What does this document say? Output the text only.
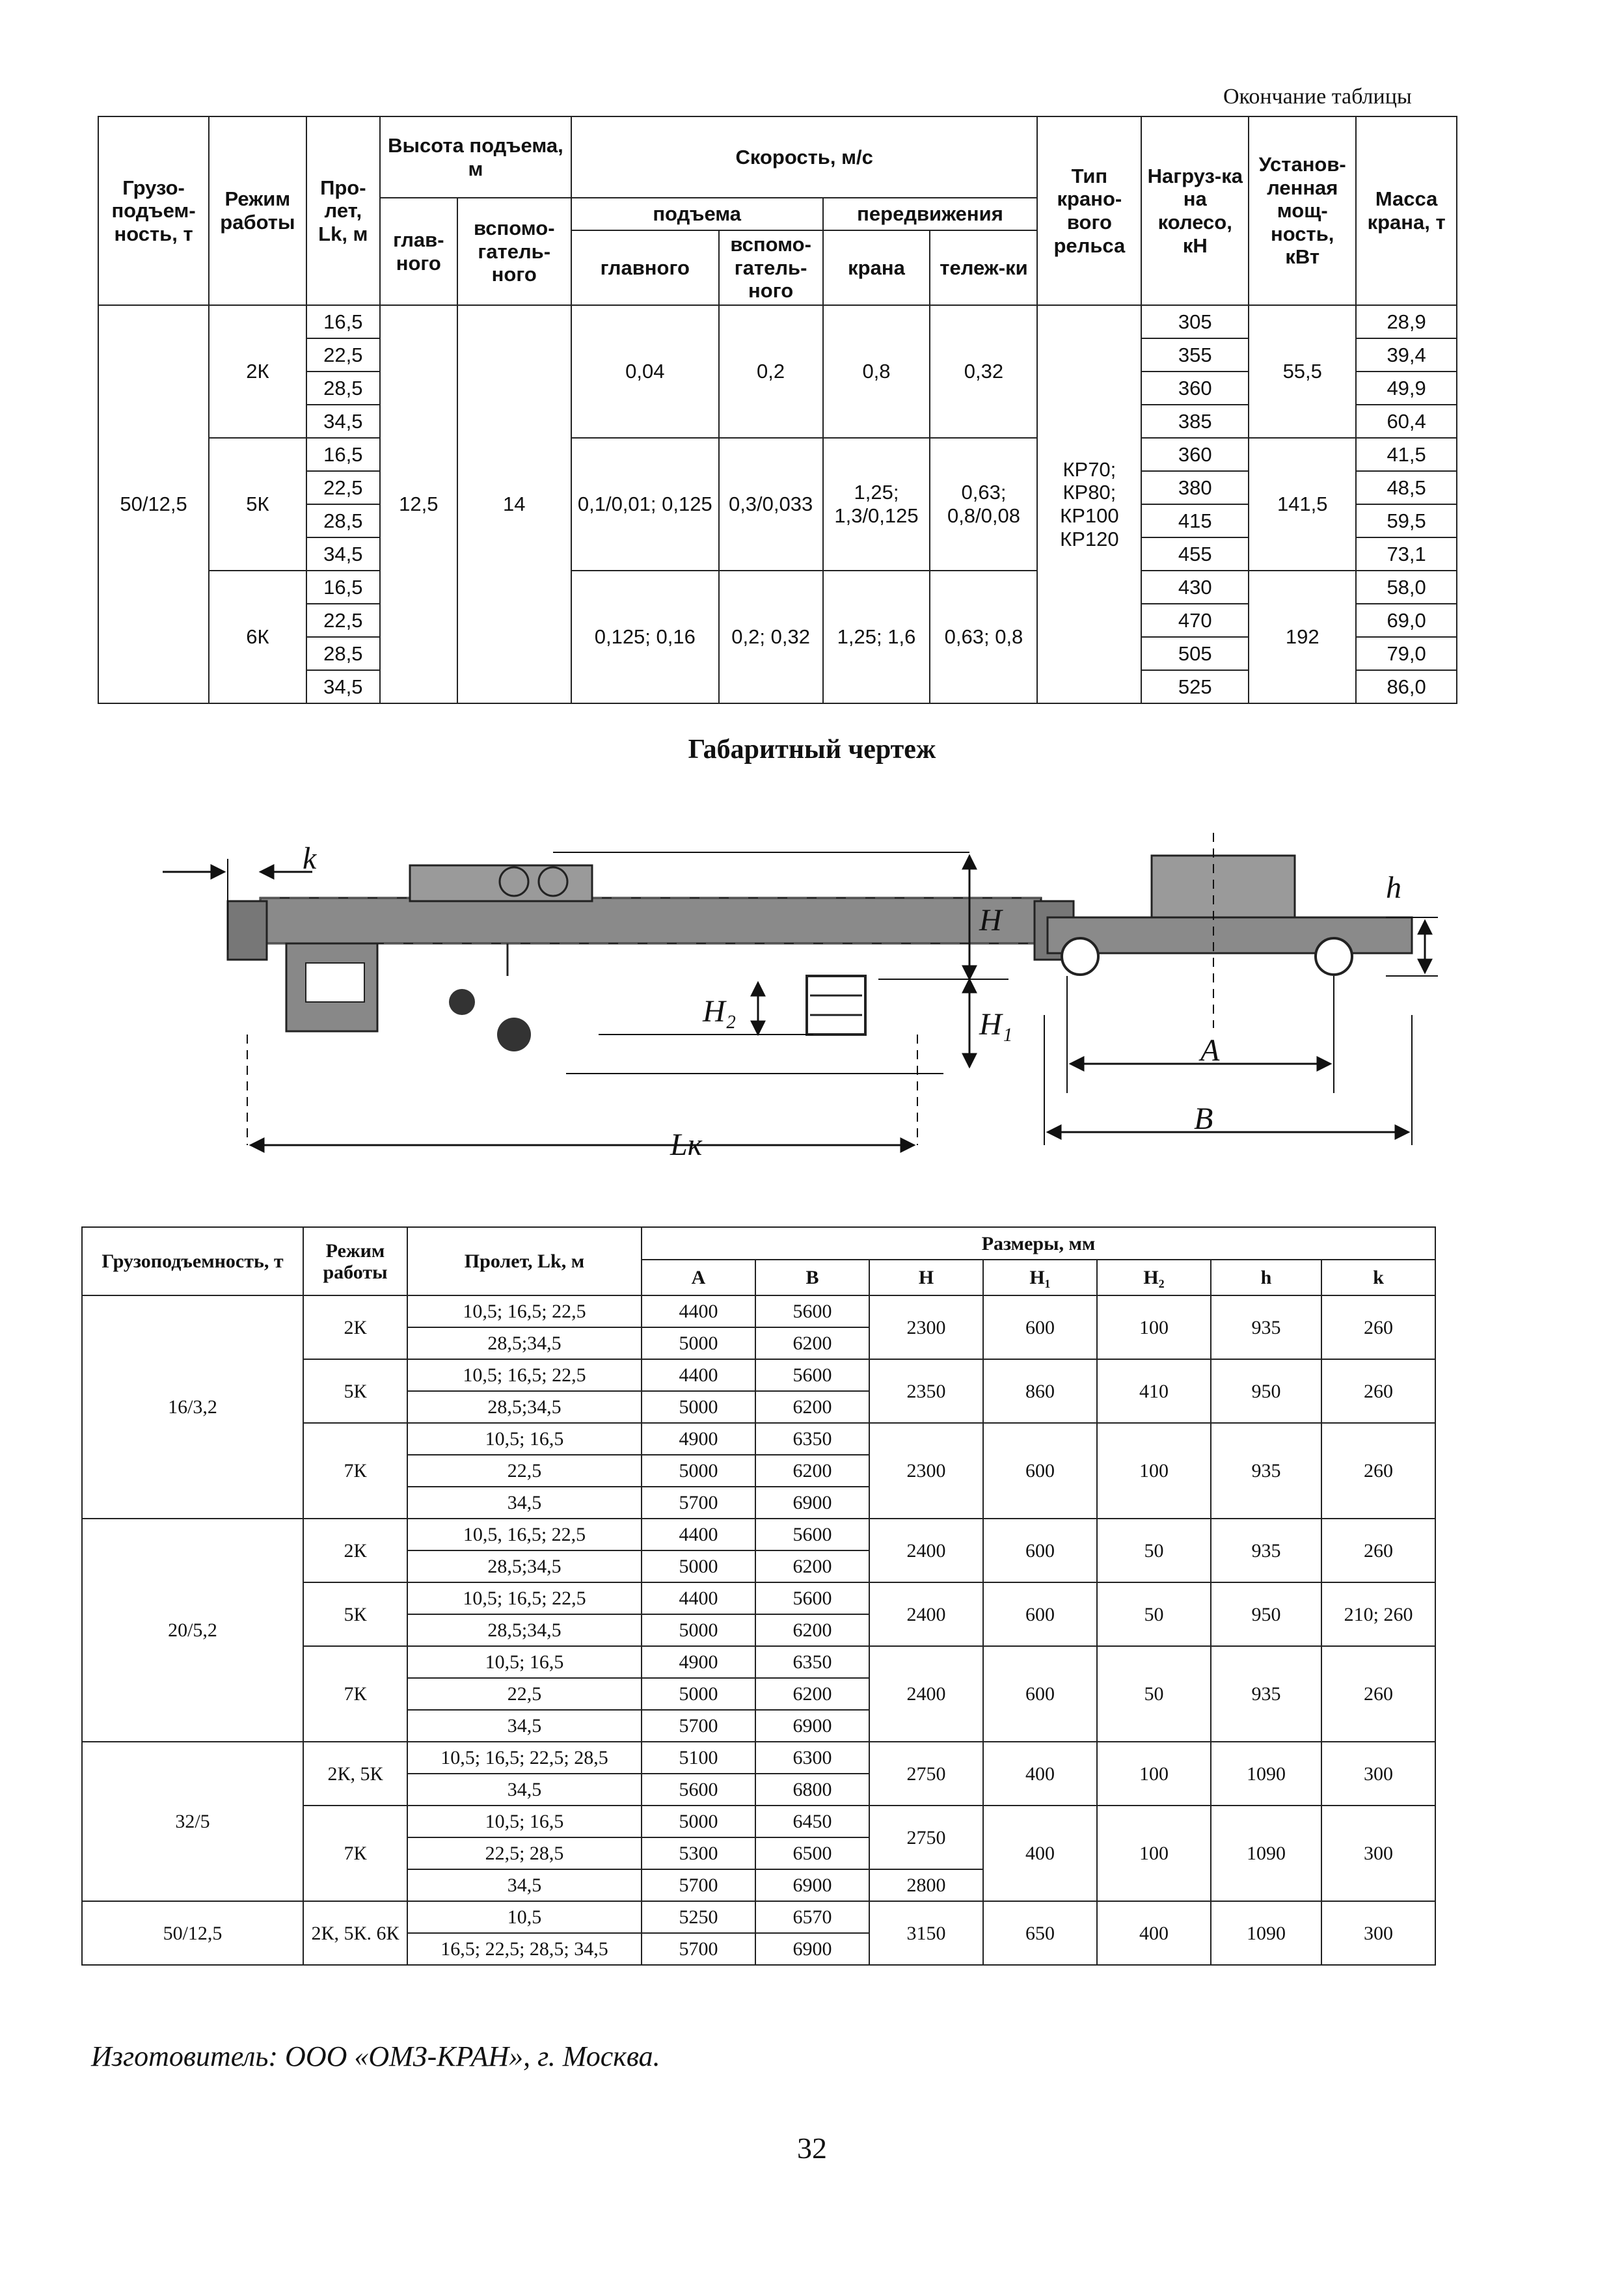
Окончание таблицы
Грузо-подъем-ность, т	Режим работы	Про-лет, Lk, м	Высота подъема, м		Скорость, м/с				Тип крано-вого рельса	Нагруз-ка на колесо, кН	Установ-ленная мощ-ность, кВт	Масса крана, т
			глав-ного	вспомо-гатель-ного	подъема		передвижения					
					главного	вспомо-гатель-ного	крана	тележ-ки				
50/12,5	2К	16,5	12,5	14	0,04	0,2	0,8	0,32	КР70; КР80; КР100 КР120	305	55,5	28,9
		22,5								355		39,4
		28,5								360		49,9
		34,5								385		60,4
	5К	16,5			0,1/0,01; 0,125	0,3/0,033	1,25; 1,3/0,125	0,63; 0,8/0,08		360	141,5	41,5
		22,5								380		48,5
		28,5								415		59,5
		34,5								455		73,1
	6К	16,5			0,125; 0,16	0,2; 0,32	1,25; 1,6	0,63; 0,8		430	192	58,0
		22,5								470		69,0
		28,5								505		79,0
		34,5								525		86,0
Габаритный чертеж
k
H
H₁
H₂
Lк
h
A
B
Грузоподъемность, т	Режим работы	Пролет, Lk, м	Размеры, мм						
			A	B	H	H₁	H₂	h	k
16/3,2	2К	10,5; 16,5; 22,5	4400	5600	2300	600	100	935	260
		28,5;34,5	5000	6200					
	5К	10,5; 16,5; 22,5	4400	5600	2350	860	410	950	260
		28,5;34,5	5000	6200					
	7К	10,5; 16,5	4900	6350	2300	600	100	935	260
		22,5	5000	6200					
		34,5	5700	6900					
20/5,2	2К	10,5, 16,5; 22,5	4400	5600	2400	600	50	935	260
		28,5;34,5	5000	6200					
	5К	10,5; 16,5; 22,5	4400	5600	2400	600	50	950	210; 260
		28,5;34,5	5000	6200					
	7К	10,5; 16,5	4900	6350	2400	600	50	935	260
		22,5	5000	6200					
		34,5	5700	6900					
32/5	2К, 5К	10,5; 16,5; 22,5; 28,5	5100	6300	2750	400	100	1090	300
		34,5	5600	6800					
	7К	10,5; 16,5	5000	6450	2750	400	100	1090	300
		22,5; 28,5	5300	6500					
		34,5	5700	6900	2800				
50/12,5	2К, 5К. 6К	10,5	5250	6570	3150	650	400	1090	300
		16,5; 22,5; 28,5; 34,5	5700	6900					
Изготовитель: ООО «ОМЗ-КРАН», г. Москва.
32
